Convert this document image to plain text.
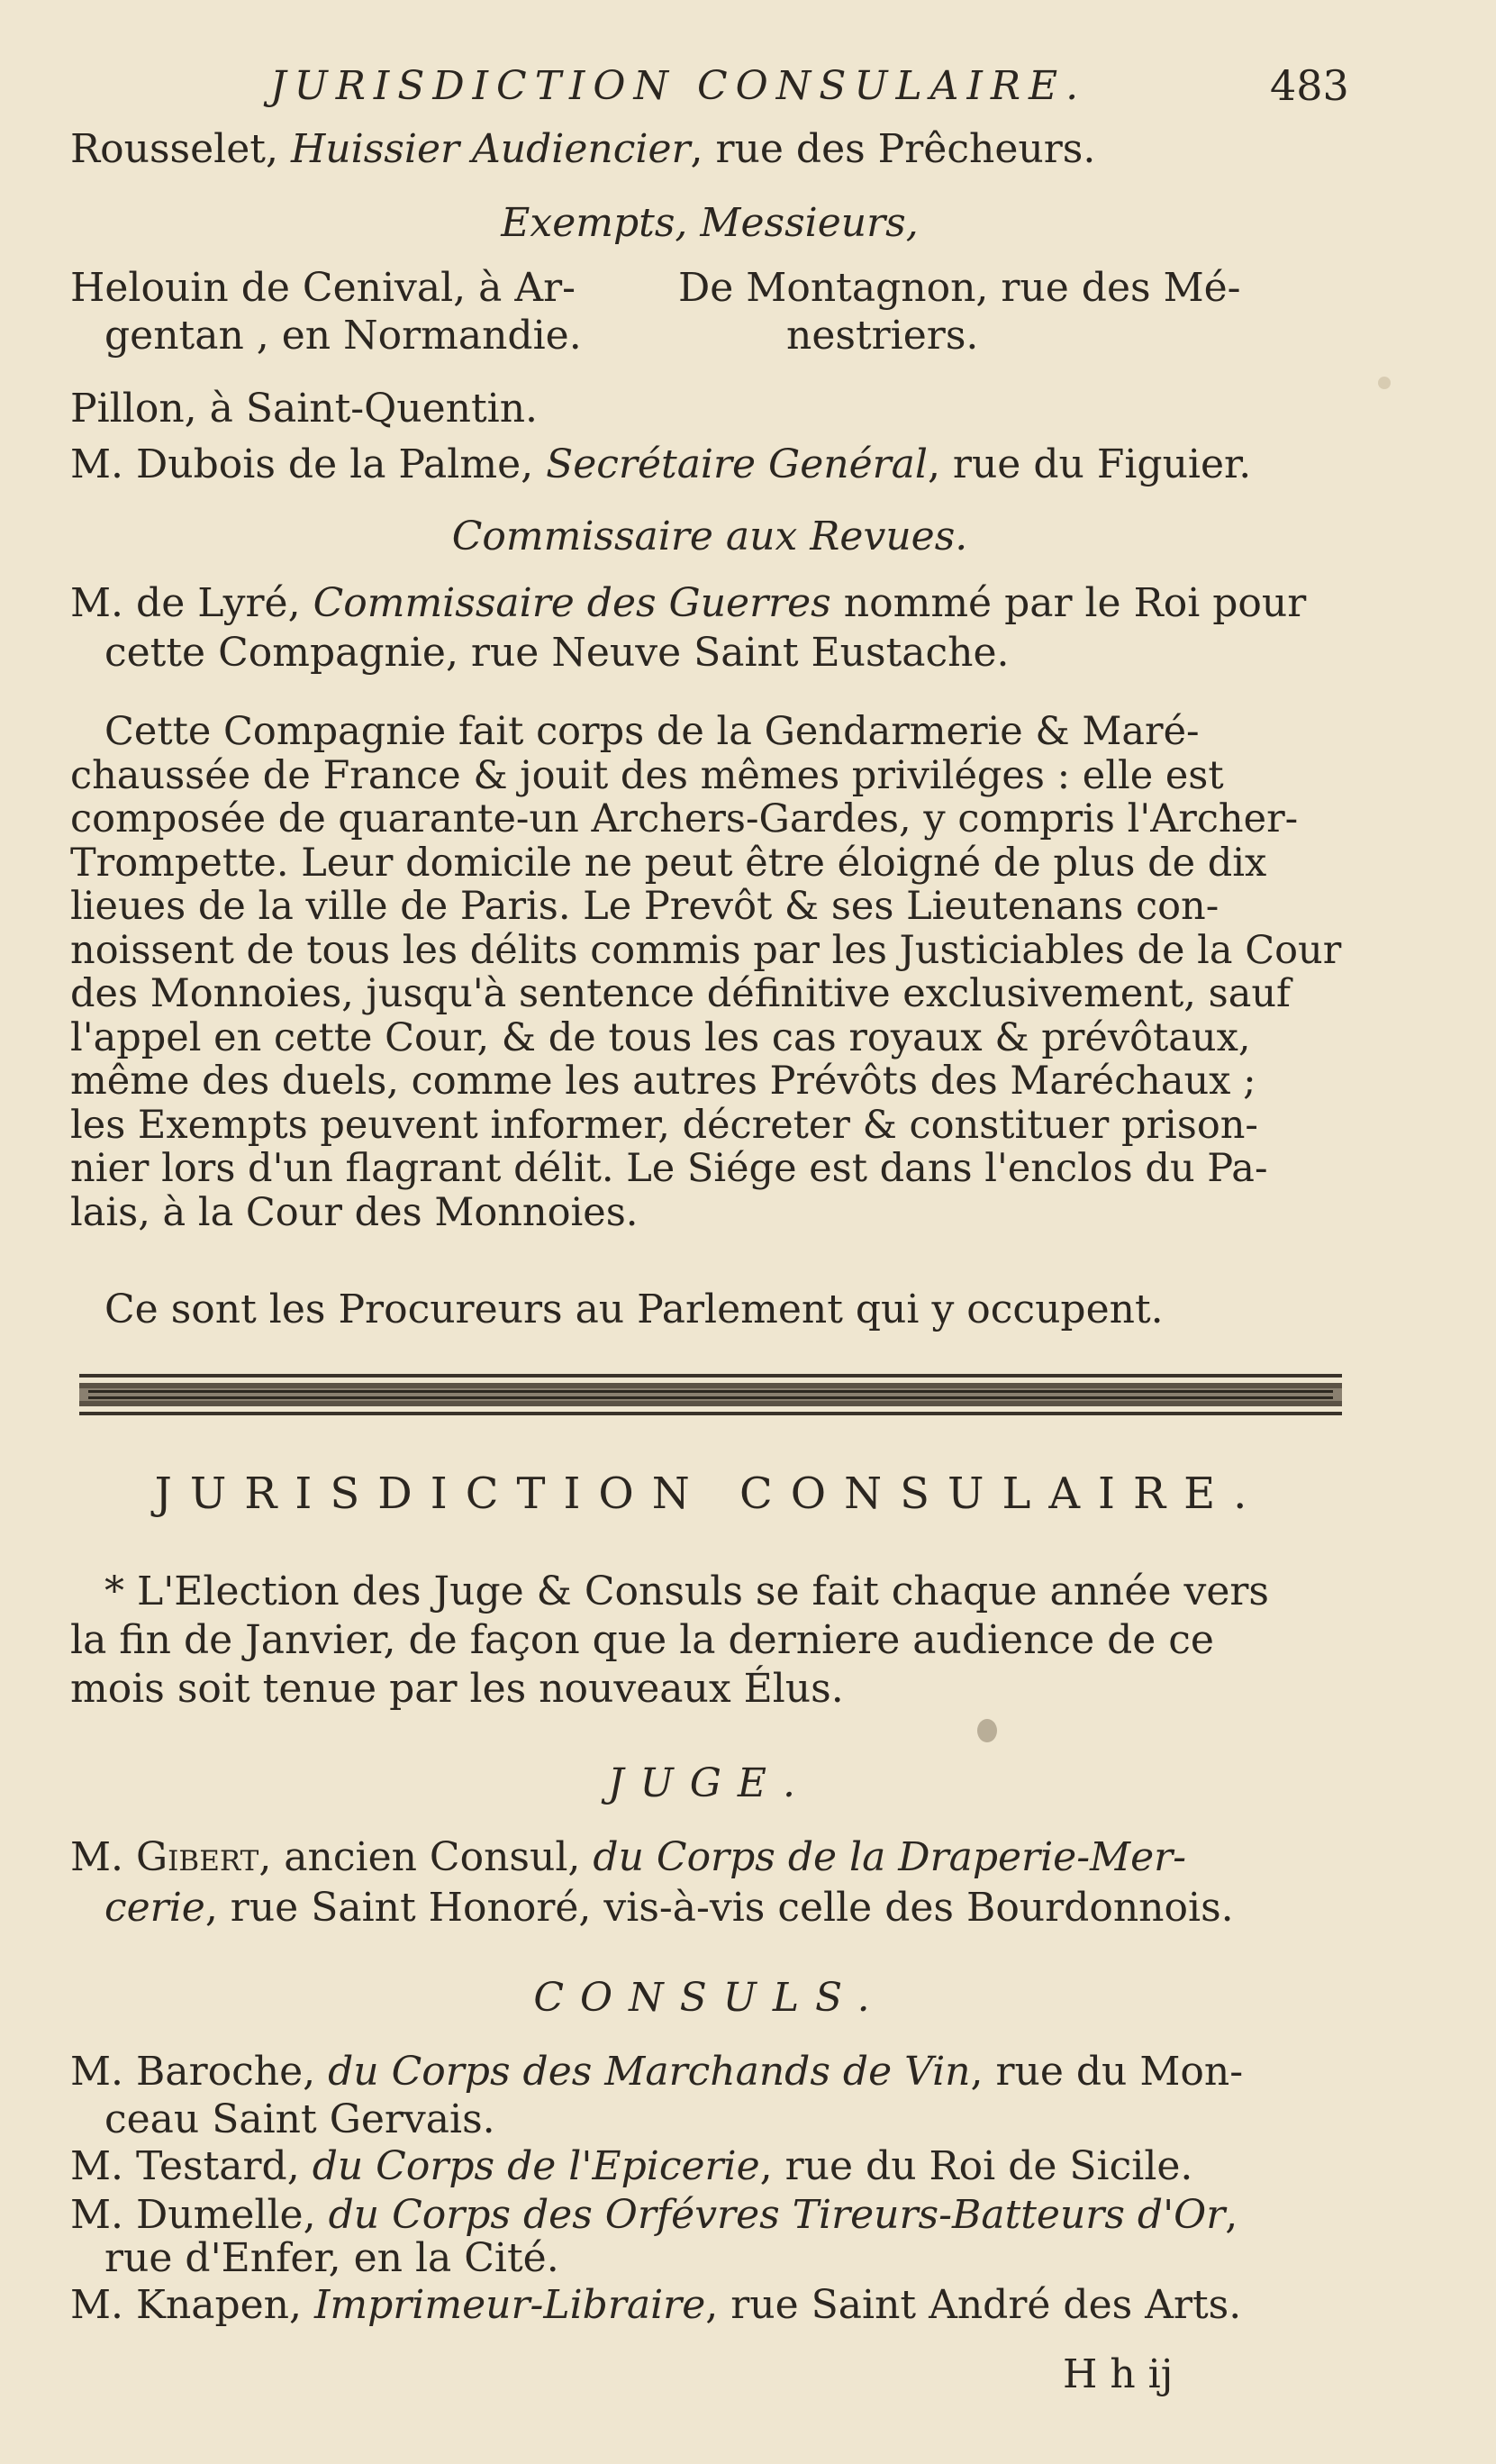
JURISDICTION CONSULAIRE.	483
Rousselet, Huissier Audiencier, rue des Prêcheurs.
Exempts, Messieurs,
Helouin de Cenival, à Ar-
gentan , en Normandie.
De Montagnon, rue des Mé-
nestriers.
Pillon, à Saint-Quentin.
M. Dubois de la Palme, Secrétaire Genéral, rue du Figuier.
Commissaire aux Revues.
M. de Lyré, Commissaire des Guerres nommé par le Roi pour
cette Compagnie, rue Neuve Saint Eustache.
Cette Compagnie fait corps de la Gendarmerie & Maré-
chaussée de France & jouit des mêmes priviléges : elle est
composée de quarante-un Archers-Gardes, y compris l'Archer-
Trompette. Leur domicile ne peut être éloigné de plus de dix
lieues de la ville de Paris. Le Prevôt & ses Lieutenans con-
noissent de tous les délits commis par les Justiciables de la Cour
des Monnoies, jusqu'à sentence définitive exclusivement, sauf
l'appel en cette Cour, & de tous les cas royaux & prévôtaux,
même des duels, comme les autres Prévôts des Maréchaux ;
les Exempts peuvent informer, décreter & constituer prison-
nier lors d'un flagrant délit. Le Siége est dans l'enclos du Pa-
lais, à la Cour des Monnoies.
Ce sont les Procureurs au Parlement qui y occupent.
JURISDICTION CONSULAIRE.
* L'Election des Juge & Consuls se fait chaque année vers
la fin de Janvier, de façon que la derniere audience de ce
mois soit tenue par les nouveaux Élus.
JUGE.
M. Gibert, ancien Consul, du Corps de la Draperie-Mer-
cerie, rue Saint Honoré, vis-à-vis celle des Bourdonnois.
CONSULS.
M. Baroche, du Corps des Marchands de Vin, rue du Mon-
ceau Saint Gervais.
M. Testard, du Corps de l'Epicerie, rue du Roi de Sicile.
M. Dumelle, du Corps des Orfévres Tireurs-Batteurs d'Or,
rue d'Enfer, en la Cité.
M. Knapen, Imprimeur-Libraire, rue Saint André des Arts.
H h ij
